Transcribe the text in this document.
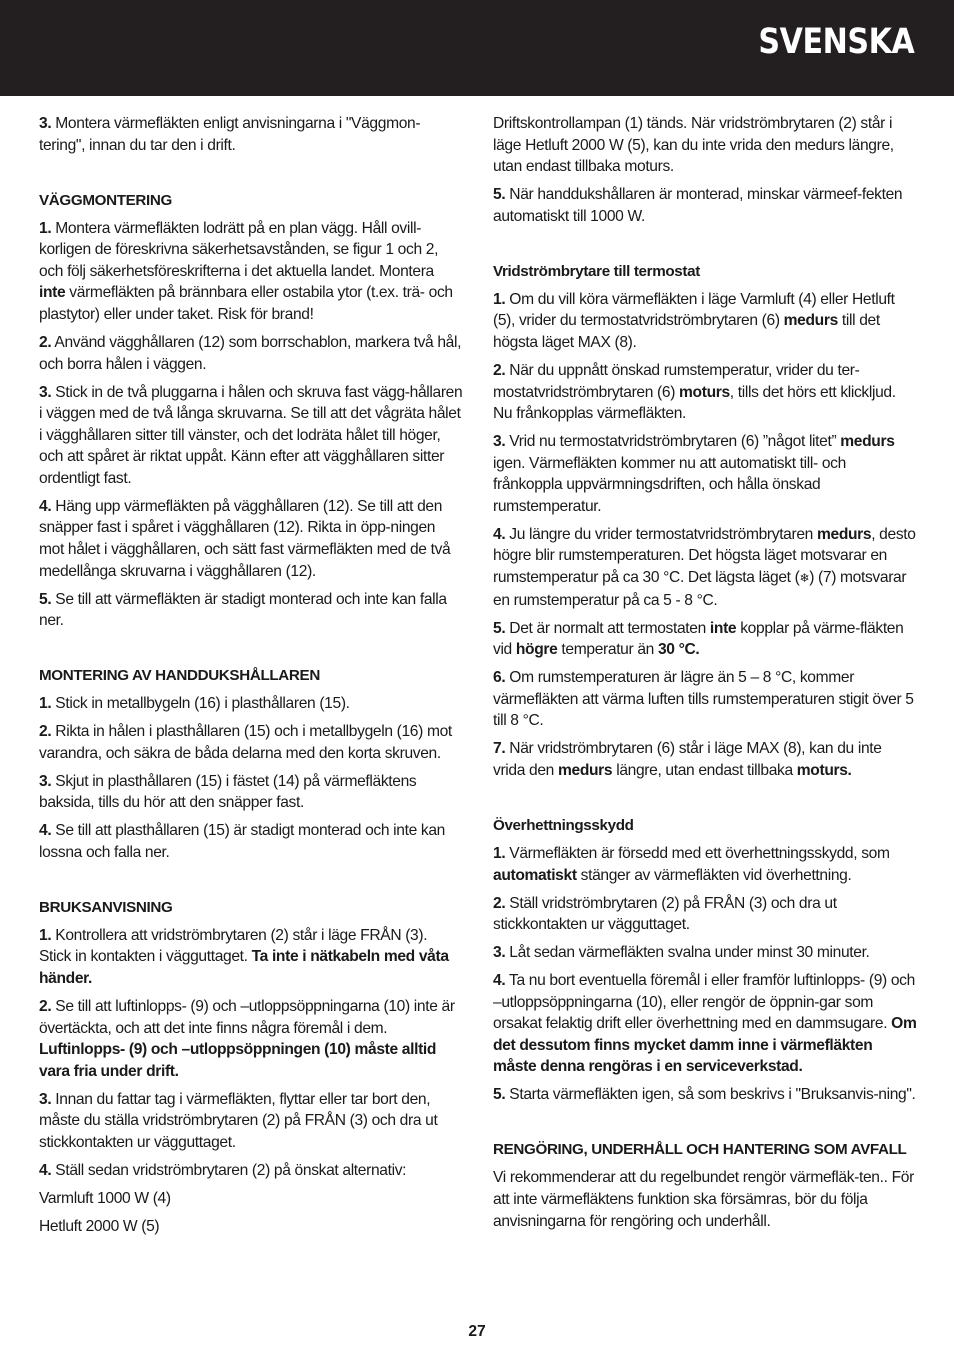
SVENSKA

3. Montera värmefläkten enligt anvisningarna i "Väggmon-tering", innan du tar den i drift.

VÄGGMONTERING

1. Montera värmefläkten lodrätt på en plan vägg. Håll ovill-korligen de föreskrivna säkerhetsavstånden, se figur 1 och 2, och följ säkerhetsföreskrifterna i det aktuella landet. Montera inte värmefläkten på brännbara eller ostabila ytor (t.ex. trä- och plastytor) eller under taket. Risk för brand!

2. Använd vägghållaren (12) som borrschablon, markera två hål, och borra hålen i väggen.

3. Stick in de två pluggarna i hålen och skruva fast vägg-hållaren i väggen med de två långa skruvarna. Se till att det vågräta hålet i vägghållaren sitter till vänster, och det lodräta hålet till höger, och att spåret är riktat uppåt. Känn efter att vägghållaren sitter ordentligt fast.

4. Häng upp värmefläkten på vägghållaren (12). Se till att den snäpper fast i spåret i vägghållaren (12). Rikta in öpp-ningen mot hålet i vägghållaren, och sätt fast värmefläkten med de två medellånga skruvarna i vägghållaren (12).

5. Se till att värmefläkten är stadigt monterad och inte kan falla ner.

MONTERING AV HANDDUKSHÅLLAREN

1. Stick in metallbygeln (16) i plasthållaren (15).

2. Rikta in hålen i plasthållaren (15) och i metallbygeln (16) mot varandra, och säkra de båda delarna med den korta skruven.

3. Skjut in plasthållaren (15) i fästet (14) på värmefläktens baksida, tills du hör att den snäpper fast.

4. Se till att plasthållaren (15) är stadigt monterad och inte kan lossna och falla ner.

BRUKSANVISNING

1. Kontrollera att vridströmbrytaren (2) står i läge FRÅN (3). Stick in kontakten i vägguttaget. Ta inte i nätkabeln med våta händer.

2. Se till att luftinlopps- (9) och –utloppsöppningarna (10) inte är övertäckta, och att det inte finns några föremål i dem. Luftinlopps- (9) och –utloppsöppningen (10) måste alltid vara fria under drift.

3. Innan du fattar tag i värmefläkten, flyttar eller tar bort den, måste du ställa vridströmbrytaren (2) på FRÅN (3) och dra ut stickkontakten ur vägguttaget.

4. Ställ sedan vridströmbrytaren (2) på önskat alternativ:

Varmluft 1000 W (4)

Hetluft 2000 W (5)

Driftskontrollampan (1) tänds. När vridströmbrytaren (2) står i läge Hetluft 2000 W (5), kan du inte vrida den medurs längre, utan endast tillbaka moturs.

5. När handdukshållaren är monterad, minskar värmeef-fekten automatiskt till 1000 W.

Vridströmbrytare till termostat

1. Om du vill köra värmefläkten i läge Varmluft (4) eller Hetluft (5), vrider du termostatvridströmbrytaren (6) medurs till det högsta läget MAX (8).

2. När du uppnått önskad rumstemperatur, vrider du ter-mostatvridströmbrytaren (6) moturs, tills det hörs ett klickljud. Nu frånkopplas värmefläkten.

3. Vrid nu termostatvridströmbrytaren (6) ”något litet” medurs igen. Värmefläkten kommer nu att automatiskt till- och frånkoppla uppvärmningsdriften, och hålla önskad rumstemperatur.

4. Ju längre du vrider termostatvridströmbrytaren medurs, desto högre blir rumstemperaturen. Det högsta läget motsvarar en rumstemperatur på ca 30 °C. Det lägsta läget (❄) (7) motsvarar en rumstemperatur på ca 5 - 8 °C.

5. Det är normalt att termostaten inte kopplar på värme-fläkten vid högre temperatur än 30 °C.

6. Om rumstemperaturen är lägre än 5 – 8 °C, kommer värmefläkten att värma luften tills rumstemperaturen stigit över 5 till 8 °C.

7. När vridströmbrytaren (6) står i läge MAX (8), kan du inte vrida den medurs längre, utan endast tillbaka moturs.

Överhettningsskydd

1. Värmefläkten är försedd med ett överhettningsskydd, som automatiskt stänger av värmefläkten vid överhettning.

2. Ställ vridströmbrytaren (2) på FRÅN (3) och dra ut stickkontakten ur vägguttaget.

3. Låt sedan värmefläkten svalna under minst 30 minuter.

4. Ta nu bort eventuella föremål i eller framför luftinlopps- (9) och –utloppsöppningarna (10), eller rengör de öppnin-gar som orsakat felaktig drift eller överhettning med en dammsugare. Om det dessutom finns mycket damm inne i värmefläkten måste denna rengöras i en serviceverkstad.

5. Starta värmefläkten igen, så som beskrivs i "Bruksanvis-ning".

RENGÖRING, UNDERHÅLL OCH HANTERING SOM AVFALL

Vi rekommenderar att du regelbundet rengör värmefläk-ten.. För att inte värmefläktens funktion ska försämras, bör du följa anvisningarna för rengöring och underhåll.

27
